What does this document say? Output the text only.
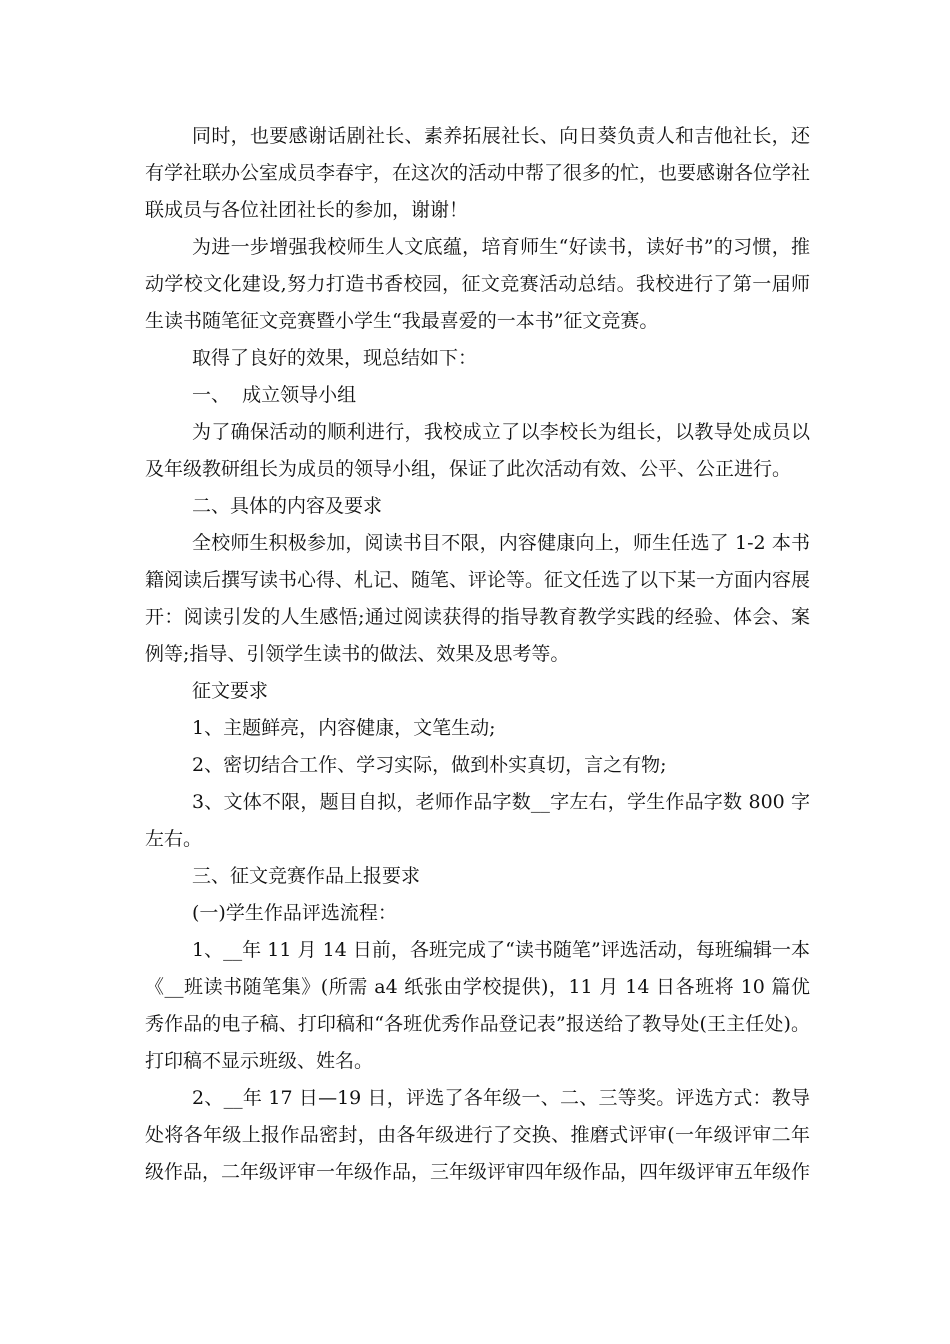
同时，也要感谢话剧社长、素养拓展社长、向日葵负责人和吉他社长，还有学社联办公室成员李春宇，在这次的活动中帮了很多的忙，也要感谢各位学社联成员与各位社团社长的参加，谢谢！

为进一步增强我校师生人文底蕴，培育师生“好读书，读好书”的习惯，推动学校文化建设,努力打造书香校园，征文竞赛活动总结。我校进行了第一届师生读书随笔征文竞赛暨小学生“我最喜爱的一本书”征文竞赛。

取得了良好的效果，现总结如下：

一、  成立领导小组

为了确保活动的顺利进行，我校成立了以李校长为组长，以教导处成员以及年级教研组长为成员的领导小组，保证了此次活动有效、公平、公正进行。

二、具体的内容及要求

全校师生积极参加，阅读书目不限，内容健康向上，师生任选了 1-2 本书籍阅读后撰写读书心得、札记、随笔、评论等。征文任选了以下某一方面内容展开：阅读引发的人生感悟;通过阅读获得的指导教育教学实践的经验、体会、案例等;指导、引领学生读书的做法、效果及思考等。

征文要求

1、主题鲜亮，内容健康，文笔生动;

2、密切结合工作、学习实际，做到朴实真切，言之有物;

3、文体不限，题目自拟，老师作品字数__字左右，学生作品字数 800 字左右。

三、征文竞赛作品上报要求

(一)学生作品评选流程：

1、__年 11 月 14 日前，各班完成了“读书随笔”评选活动，每班编辑一本《__班读书随笔集》(所需 a4 纸张由学校提供)，11 月 14 日各班将 10 篇优秀作品的电子稿、打印稿和“各班优秀作品登记表”报送给了教导处(王主任处)。打印稿不显示班级、姓名。

2、__年 17 日—19 日，评选了各年级一、二、三等奖。评选方式：教导处将各年级上报作品密封，由各年级进行了交换、推磨式评审(一年级评审二年级作品，二年级评审一年级作品，三年级评审四年级作品，四年级评审五年级作
